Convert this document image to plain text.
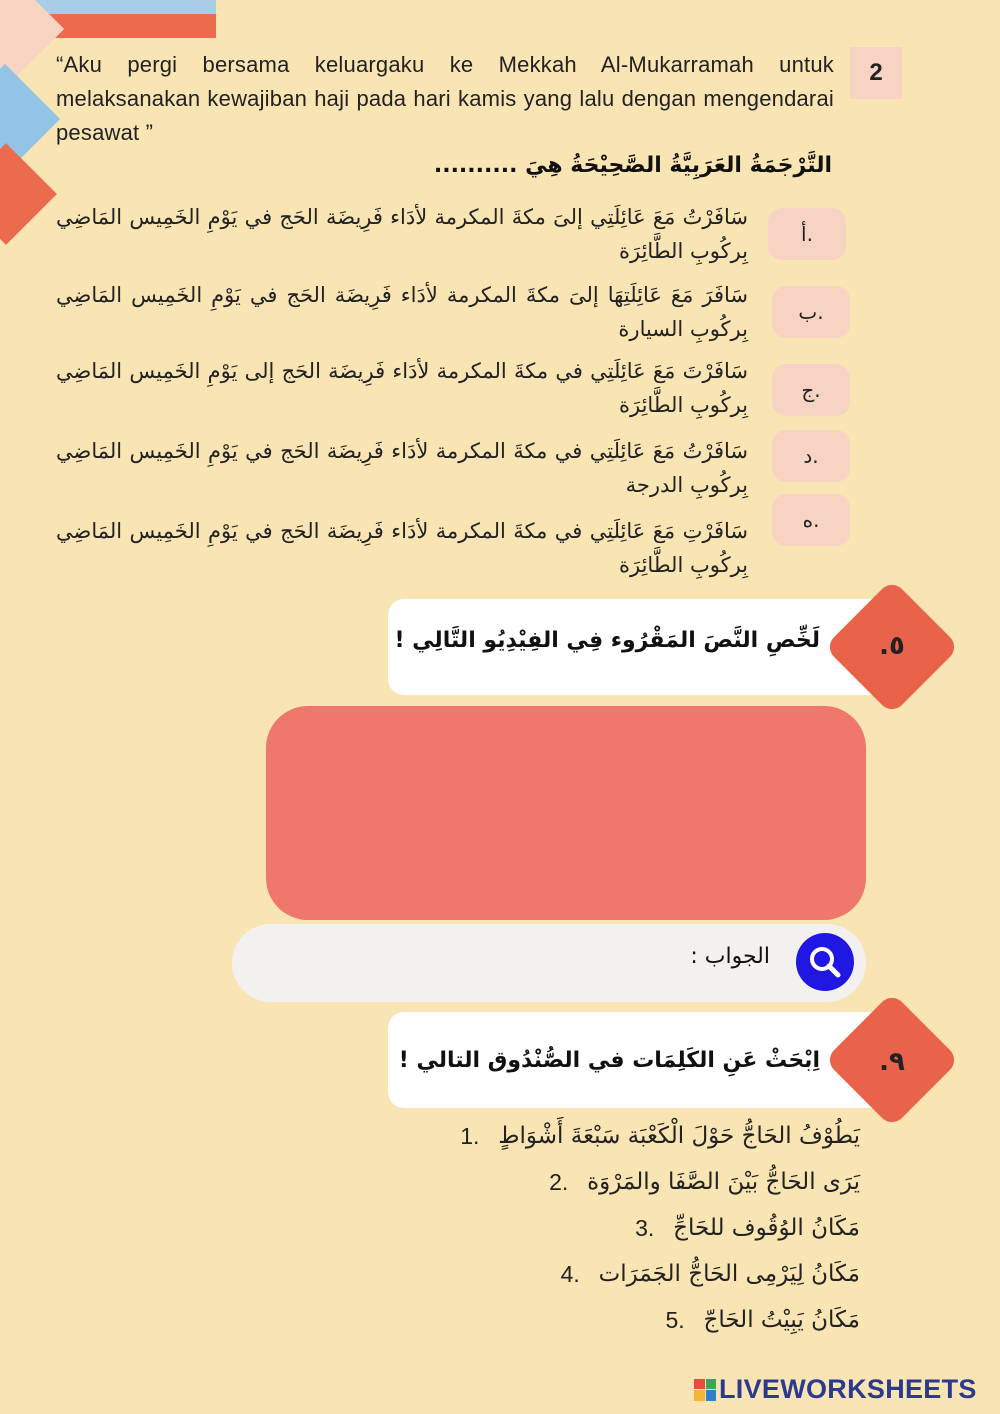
2
“Aku pergi bersama keluargaku ke Mekkah Al-Mukarramah untuk melaksanakan kewajiban haji pada hari kamis yang lalu dengan mengendarai pesawat ”
التَّرْجَمَةُ العَرَبِيَّةُ الصَّحِيْحَةُ هِيَ ..........
أ.
سَافَرْتُ مَعَ عَائِلَتِي إلىَ مكةَ المكرمة لأدَاء فَرِيضَة الحَج في يَوْمِ الخَمِيس المَاضِي بِركُوبِ الطَّائِرَة
ب.
سَافَرَ مَعَ عَائِلَتِهَا إلىَ مكةَ المكرمة لأدَاء فَرِيضَة الحَج في يَوْمِ الخَمِيس المَاضِي بِركُوبِ السيارة
ج.
سَافَرْتَ مَعَ عَائِلَتِي في مكةَ المكرمة لأدَاء فَرِيضَة الحَج إلى يَوْمِ الخَمِيس المَاضِي بِركُوبِ الطَّائِرَة
د.
سَافَرْتُ مَعَ عَائِلَتِي في مكةَ المكرمة لأدَاء فَرِيضَة الحَج في يَوْمِ الخَمِيس المَاضِي بِركُوبِ الدرجة
ه.
سَافَرْتِ مَعَ عَائِلَتِي في مكةَ المكرمة لأدَاء فَرِيضَة الحَج في يَوْمِ الخَمِيس المَاضِي بِركُوبِ الطَّائِرَة
لَخِّصِ النَّصَ المَقْرُوء فِي الفِيْدِيُو التَّالِي !	٥.
الجواب :
اِبْحَثْ عَنِ الكَلِمَات في الصُّنْدُوق التالي !	٩.
يَطُوْفُ الحَاجُّ حَوْلَ الْكَعْبَة سَبْعَةَ أَشْوَاطٍ
1.
يَرَى الحَاجُّ بَيْنَ الصَّفَا والمَرْوَة
2.
مَكَانُ الوُقُوف للحَاجِّ
3.
مَكَانُ لِيَرْمِى الحَاجُّ الجَمَرَات
4.
مَكَانُ يَبِيْتُ الحَاجّ
5.
LIVEWORKSHEETS
